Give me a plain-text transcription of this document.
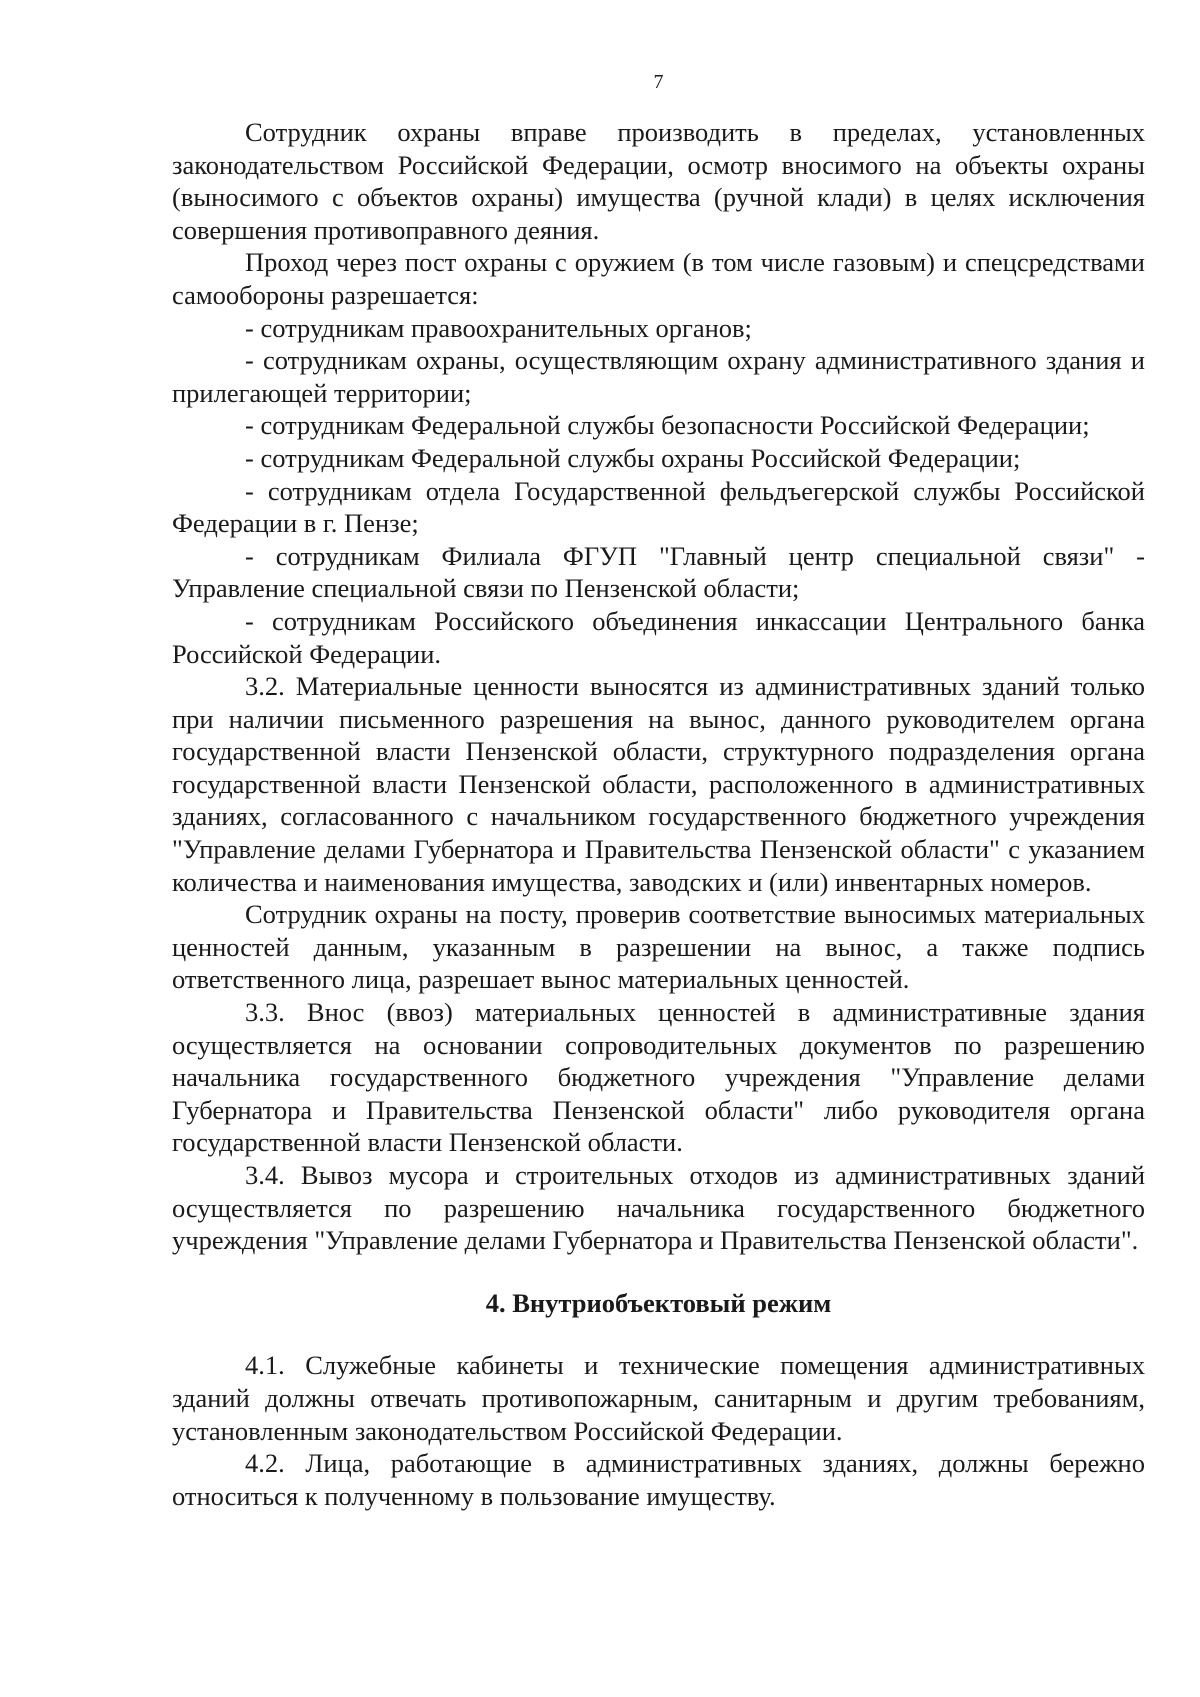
7

Сотрудник охраны вправе производить в пределах, установленных законодательством Российской Федерации, осмотр вносимого на объекты охраны (выносимого с объектов охраны) имущества (ручной клади) в целях исключения совершения противоправного деяния.

Проход через пост охраны с оружием (в том числе газовым) и спецсредствами самообороны разрешается:

- сотрудникам правоохранительных органов;

- сотрудникам охраны, осуществляющим охрану административного здания и прилегающей территории;

- сотрудникам Федеральной службы безопасности Российской Федерации;

- сотрудникам Федеральной службы охраны Российской Федерации;

- сотрудникам отдела Государственной фельдъегерской службы Российской Федерации в г. Пензе;

- сотрудникам Филиала ФГУП "Главный центр специальной связи" - Управление специальной связи по Пензенской области;

- сотрудникам Российского объединения инкассации Центрального банка Российской Федерации.

3.2. Материальные ценности выносятся из административных зданий только при наличии письменного разрешения на вынос, данного руководителем органа государственной власти Пензенской области, структурного подразделения органа государственной власти Пензенской области, расположенного в административных зданиях, согласованного с начальником государственного бюджетного учреждения "Управление делами Губернатора и Правительства Пензенской области" с указанием количества и наименования имущества, заводских и (или) инвентарных номеров.

Сотрудник охраны на посту, проверив соответствие выносимых материальных ценностей данным, указанным в разрешении на вынос, а также подпись ответственного лица, разрешает вынос материальных ценностей.

3.3. Внос (ввоз) материальных ценностей в административные здания осуществляется на основании сопроводительных документов по разрешению начальника государственного бюджетного учреждения "Управление делами Губернатора и Правительства Пензенской области" либо руководителя органа государственной власти Пензенской области.

3.4. Вывоз мусора и строительных отходов из административных зданий осуществляется по разрешению начальника государственного бюджетного учреждения "Управление делами Губернатора и Правительства Пензенской области".

4. Внутриобъектовый режим

4.1. Служебные кабинеты и технические помещения административных зданий должны отвечать противопожарным, санитарным и другим требованиям, установленным законодательством Российской Федерации.

4.2. Лица, работающие в административных зданиях, должны бережно относиться к полученному в пользование имуществу.
